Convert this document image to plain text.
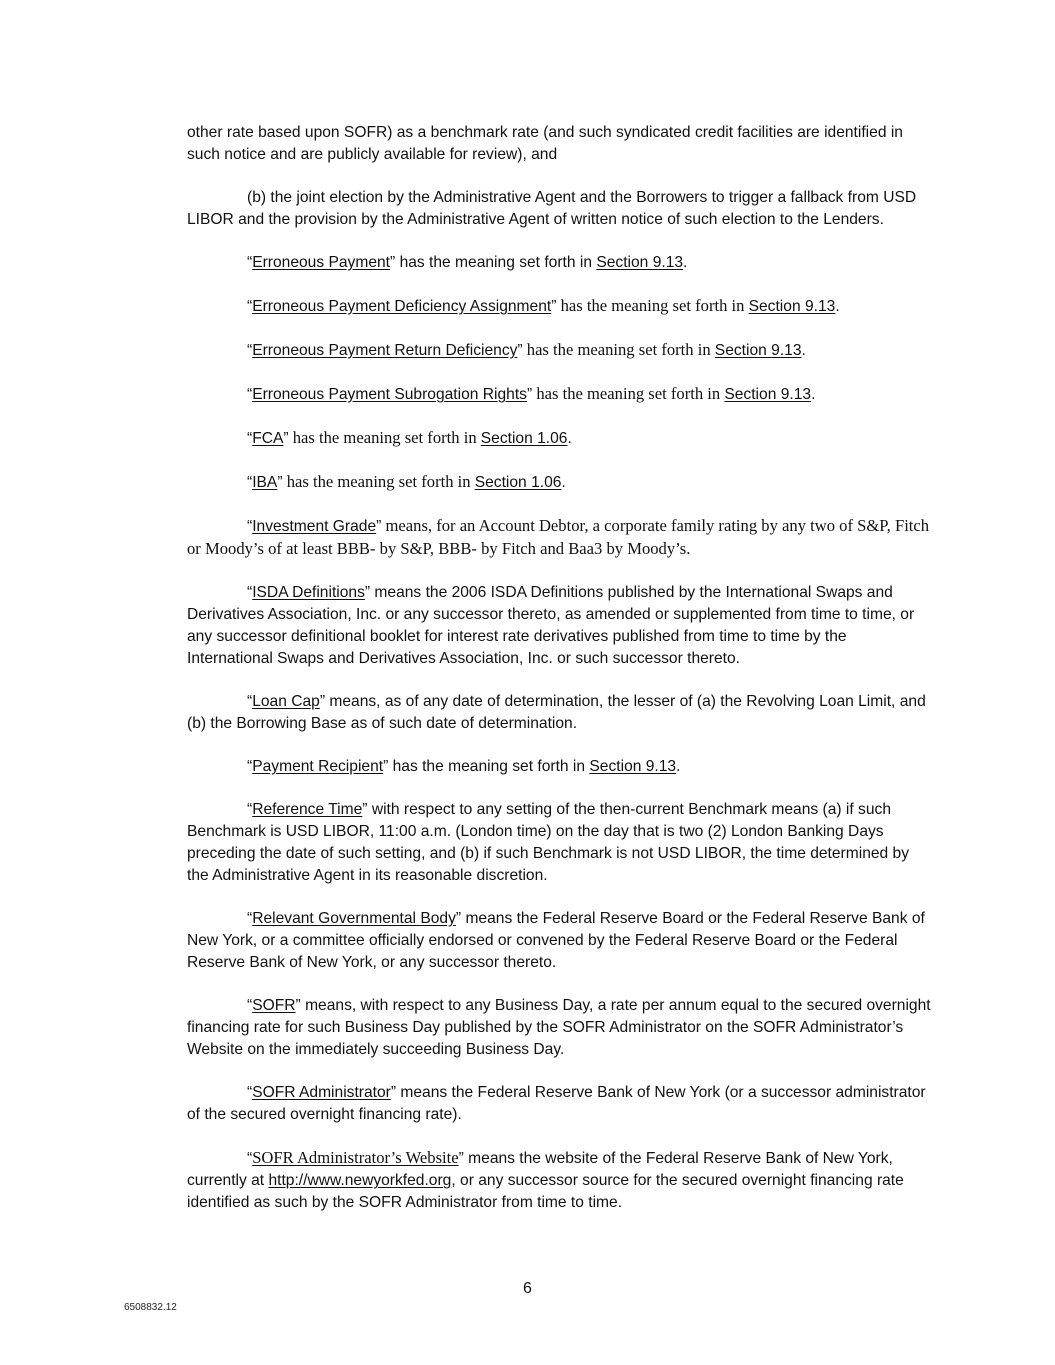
other rate based upon SOFR) as a benchmark rate (and such syndicated credit facilities are identified in such notice and are publicly available for review), and

(b) the joint election by the Administrative Agent and the Borrowers to trigger a fallback from USD LIBOR and the provision by the Administrative Agent of written notice of such election to the Lenders.

“Erroneous Payment” has the meaning set forth in Section 9.13.

“Erroneous Payment Deficiency Assignment” has the meaning set forth in Section 9.13.

“Erroneous Payment Return Deficiency” has the meaning set forth in Section 9.13.

“Erroneous Payment Subrogation Rights” has the meaning set forth in Section 9.13.

“FCA” has the meaning set forth in Section 1.06.

“IBA” has the meaning set forth in Section 1.06.

“Investment Grade” means, for an Account Debtor, a corporate family rating by any two of S&P, Fitch or Moody’s of at least BBB- by S&P, BBB- by Fitch and Baa3 by Moody’s.

“ISDA Definitions” means the 2006 ISDA Definitions published by the International Swaps and Derivatives Association, Inc. or any successor thereto, as amended or supplemented from time to time, or any successor definitional booklet for interest rate derivatives published from time to time by the International Swaps and Derivatives Association, Inc. or such successor thereto.

“Loan Cap” means, as of any date of determination, the lesser of (a) the Revolving Loan Limit, and (b) the Borrowing Base as of such date of determination.

“Payment Recipient” has the meaning set forth in Section 9.13.

“Reference Time” with respect to any setting of the then-current Benchmark means (a) if such Benchmark is USD LIBOR, 11:00 a.m. (London time) on the day that is two (2) London Banking Days preceding the date of such setting, and (b) if such Benchmark is not USD LIBOR, the time determined by the Administrative Agent in its reasonable discretion.

“Relevant Governmental Body” means the Federal Reserve Board or the Federal Reserve Bank of New York, or a committee officially endorsed or convened by the Federal Reserve Board or the Federal Reserve Bank of New York, or any successor thereto.

“SOFR” means, with respect to any Business Day, a rate per annum equal to the secured overnight financing rate for such Business Day published by the SOFR Administrator on the SOFR Administrator’s Website on the immediately succeeding Business Day.

“SOFR Administrator” means the Federal Reserve Bank of New York (or a successor administrator of the secured overnight financing rate).

“SOFR Administrator’s Website” means the website of the Federal Reserve Bank of New York, currently at http://www.newyorkfed.org, or any successor source for the secured overnight financing rate identified as such by the SOFR Administrator from time to time.

6
6508832.12
